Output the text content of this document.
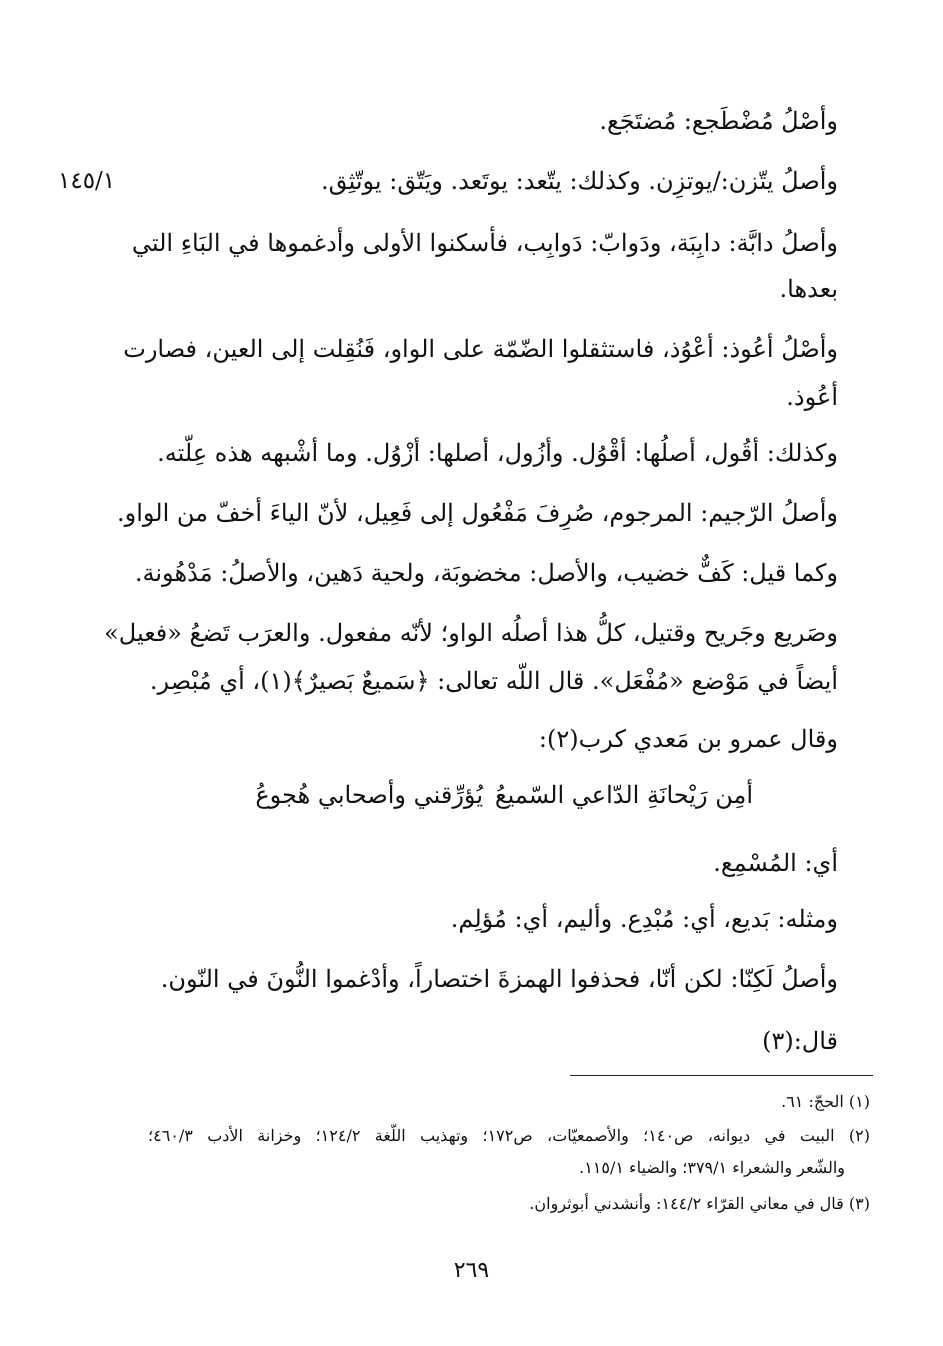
١٤٥/١
وأصْلُ مُضْطَجع: مُضتَجَع.
وأصلُ يتّزن:/يوتزِن. وكذلك: يتّعد: يوتَعد. ويَتّق: يوتّثِق.
وأصلُ دابَّة: دابِبَة، ودَوابّ: دَوابِب، فأسكنوا الأولى وأدغموها في البَاءِ التي
بعدها.
وأصْلُ أعُوذ: أعْوُذ، فاستثقلوا الضّمّة على الواو، فَنُقِلت إلى العين، فصارت
أعُوذ.
وكذلك: أقُول، أصلُها: أقْوُل. وأزُول، أصلها: أزْوُل. وما أشْبهه هذه عِلّته.
وأصلُ الرّجيم: المرجوم، صُرِفَ مَفْعُول إلى فَعِيل، لأنّ الياءَ أخفّ من الواو.
وكما قيل: كَفٌّ خضيب، والأصل: مخضوبَة، ولحية دَهين، والأصلُ: مَدْهُونة.
وصَريع وجَريح وقتيل، كلُّ هذا أصلُه الواو؛ لأنّه مفعول. والعرَب تَضعُ «فعيل»
أيضاً في مَوْضع «مُفْعَل». قال اللّه تعالى: ﴿سَميعٌ بَصيرٌ﴾(١)، أي مُبْصِر.
وقال عمرو بن مَعدي كرب(٢):
أمِن رَيْحانَةِ الدّاعي السّميعُ
يُؤرِّقني وأصحابي هُجوعُ
أي: المُسْمِع.
ومثله: بَديع، أي: مُبْدِع. وأليم، أي: مُؤلِم.
وأصلُ لَكِنّا: لكن أنّا، فحذفوا الهمزةَ اختصاراً، وأدْغموا النُّونَ في النّون.
قال:(٣)
(١) الحجّ: ٦١.
(٢) البيت في ديوانه، ص١٤٠؛ والأصمعيّات، ص١٧٢؛ وتهذيب اللّغة ١٢٤/٢؛ وخزانة الأدب ٤٦٠/٣؛
والشّعر والشعراء ٣٧٩/١؛ والضياء ١١٥/١.
(٣) قال في معاني القرّاء ١٤٤/٢: وأنشدني أبوثروان.
٢٦٩
